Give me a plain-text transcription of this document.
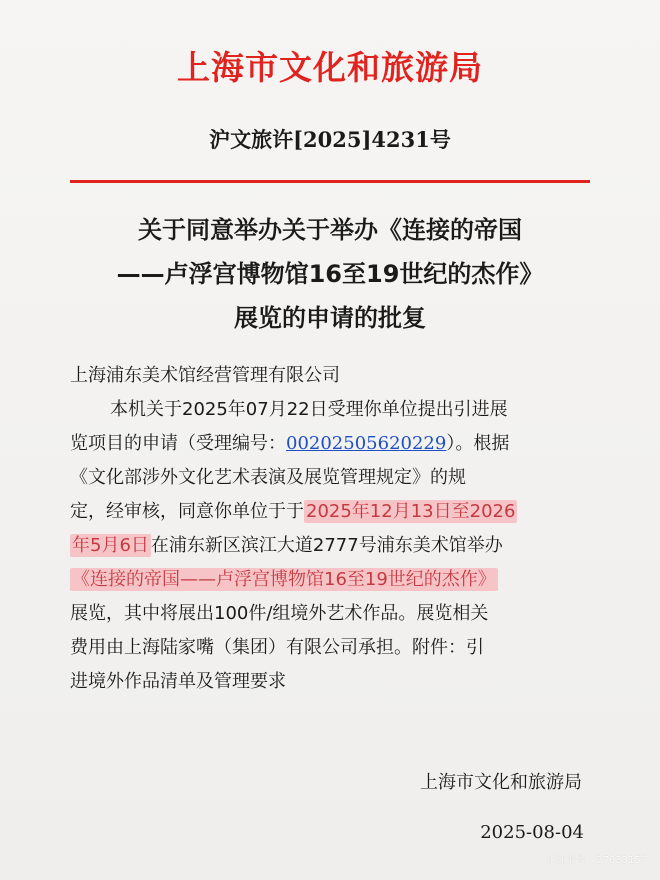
上海市文化和旅游局
沪文旅许[2025]4231号
关于同意举办关于举办《连接的帝国
——卢浮宫博物馆16至19世纪的杰作》
展览的申请的批复
上海浦东美术馆经营管理有限公司
本机关于2025年07月22日受理你单位提出引进展
览项目的申请（受理编号：00202505620229）。根据
《文化部涉外文化艺术表演及展览管理规定》的规
定，经审核，同意你单位于于 2025年12月13日至2026
年5月6日 在浦东新区滨江大道2777号浦东美术馆举办
《连接的帝国——卢浮宫博物馆16至19世纪的杰作》
展览，其中将展出100件/组境外艺术作品。展览相关
费用由上海陆家嘴（集团）有限公司承担。附件：引
进境外作品清单及管理要求
上海市文化和旅游局
2025-08-04
小红书号：2763315?
